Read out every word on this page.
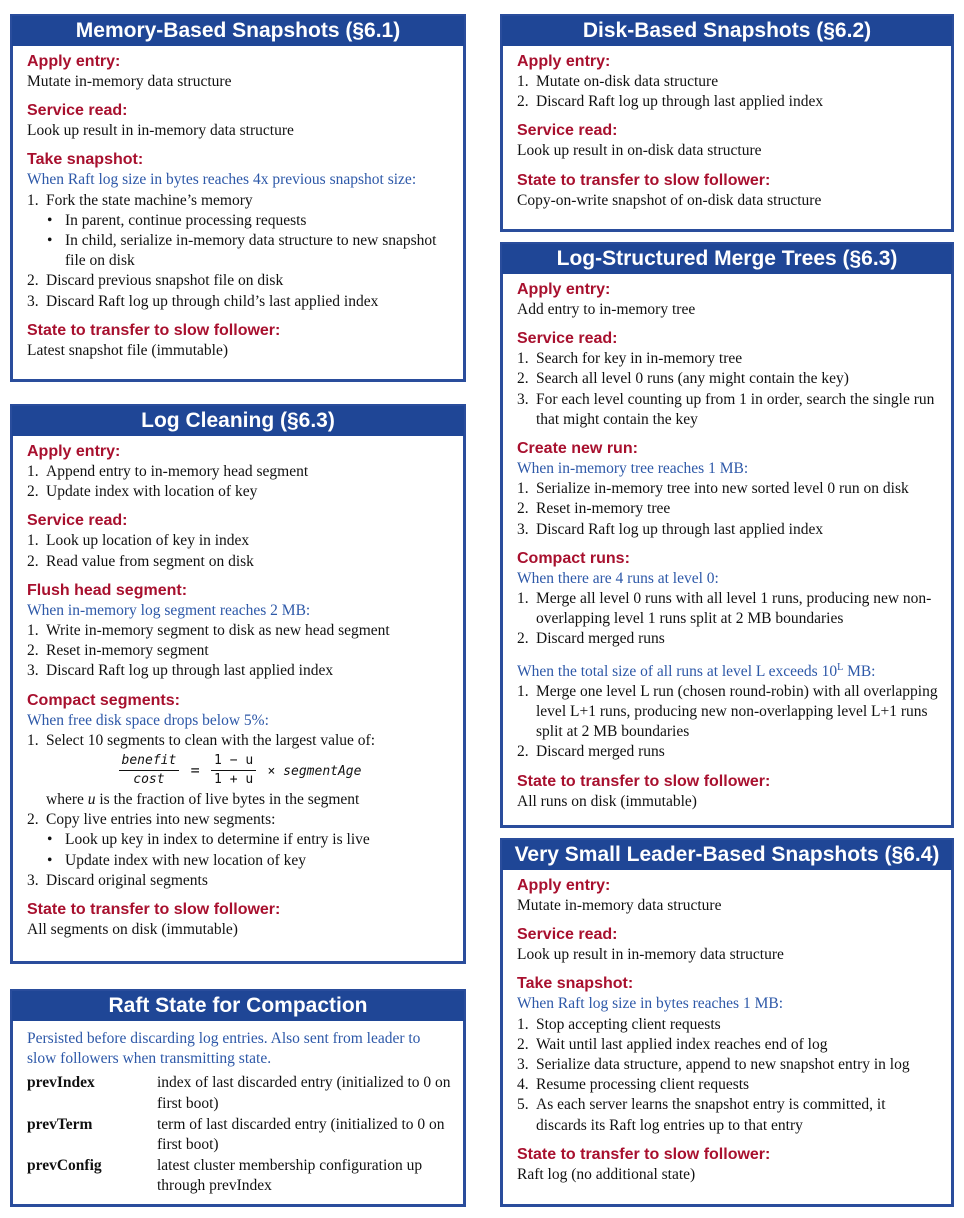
Memory-Based Snapshots (§6.1)
Apply entry:
Mutate in-memory data structure
Service read:
Look up result in in-memory data structure
Take snapshot:
When Raft log size in bytes reaches 4x previous snapshot size:
1. Fork the state machine’s memory
• In parent, continue processing requests
• In child, serialize in-memory data structure to new snapshot file on disk
2. Discard previous snapshot file on disk
3. Discard Raft log up through child’s last applied index
State to transfer to slow follower:
Latest snapshot file (immutable)
Log Cleaning (§6.3)
Apply entry:
1. Append entry to in-memory head segment
2. Update index with location of key
Service read:
1. Look up location of key in index
2. Read value from segment on disk
Flush head segment:
When in-memory log segment reaches 2 MB:
1. Write in-memory segment to disk as new head segment
2. Reset in-memory segment
3. Discard Raft log up through last applied index
Compact segments:
When free disk space drops below 5%:
1. Select 10 segments to clean with the largest value of:
$\frac{\text{benefit}}{\cos t} = \frac{1 - u}{1 + u}$ × segmentAge
where u is the fraction of live bytes in the segment
2. Copy live entries into new segments:
• Look up key in index to determine if entry is live
• Update index with new location of key
3. Discard original segments
State to transfer to slow follower:
All segments on disk (immutable)
Raft State for Compaction
Persisted before discarding log entries. Also sent from leader to slow followers when transmitting state.
prevIndex	index of last discarded entry (initialized to 0 on first boot)
prevTerm	term of last discarded entry (initialized to 0 on first boot)
prevConfig	latest cluster membership configuration up through prevIndex
Disk-Based Snapshots (§6.2)
Apply entry:
1. Mutate on-disk data structure
2. Discard Raft log up through last applied index
Service read:
Look up result in on-disk data structure
State to transfer to slow follower:
Copy-on-write snapshot of on-disk data structure
Log-Structured Merge Trees (§6.3)
Apply entry:
Add entry to in-memory tree
Service read:
1. Search for key in in-memory tree
2. Search all level 0 runs (any might contain the key)
3. For each level counting up from 1 in order, search the single run that might contain the key
Create new run:
When in-memory tree reaches 1 MB:
1. Serialize in-memory tree into new sorted level 0 run on disk
2. Reset in-memory tree
3. Discard Raft log up through last applied index
Compact runs:
When there are 4 runs at level 0:
1. Merge all level 0 runs with all level 1 runs, producing new non-overlapping level 1 runs split at 2 MB boundaries
2. Discard merged runs
When the total size of all runs at level L exceeds $10^L$ MB:
1. Merge one level L run (chosen round-robin) with all overlapping level L+1 runs, producing new non-overlapping level L+1 runs split at 2 MB boundaries
2. Discard merged runs
State to transfer to slow follower:
All runs on disk (immutable)
Very Small Leader-Based Snapshots (§6.4)
Apply entry:
Mutate in-memory data structure
Service read:
Look up result in in-memory data structure
Take snapshot:
When Raft log size in bytes reaches 1 MB:
1. Stop accepting client requests
2. Wait until last applied index reaches end of log
3. Serialize data structure, append to new snapshot entry in log
4. Resume processing client requests
5. As each server learns the snapshot entry is committed, it discards its Raft log entries up to that entry
State to transfer to slow follower:
Raft log (no additional state)
